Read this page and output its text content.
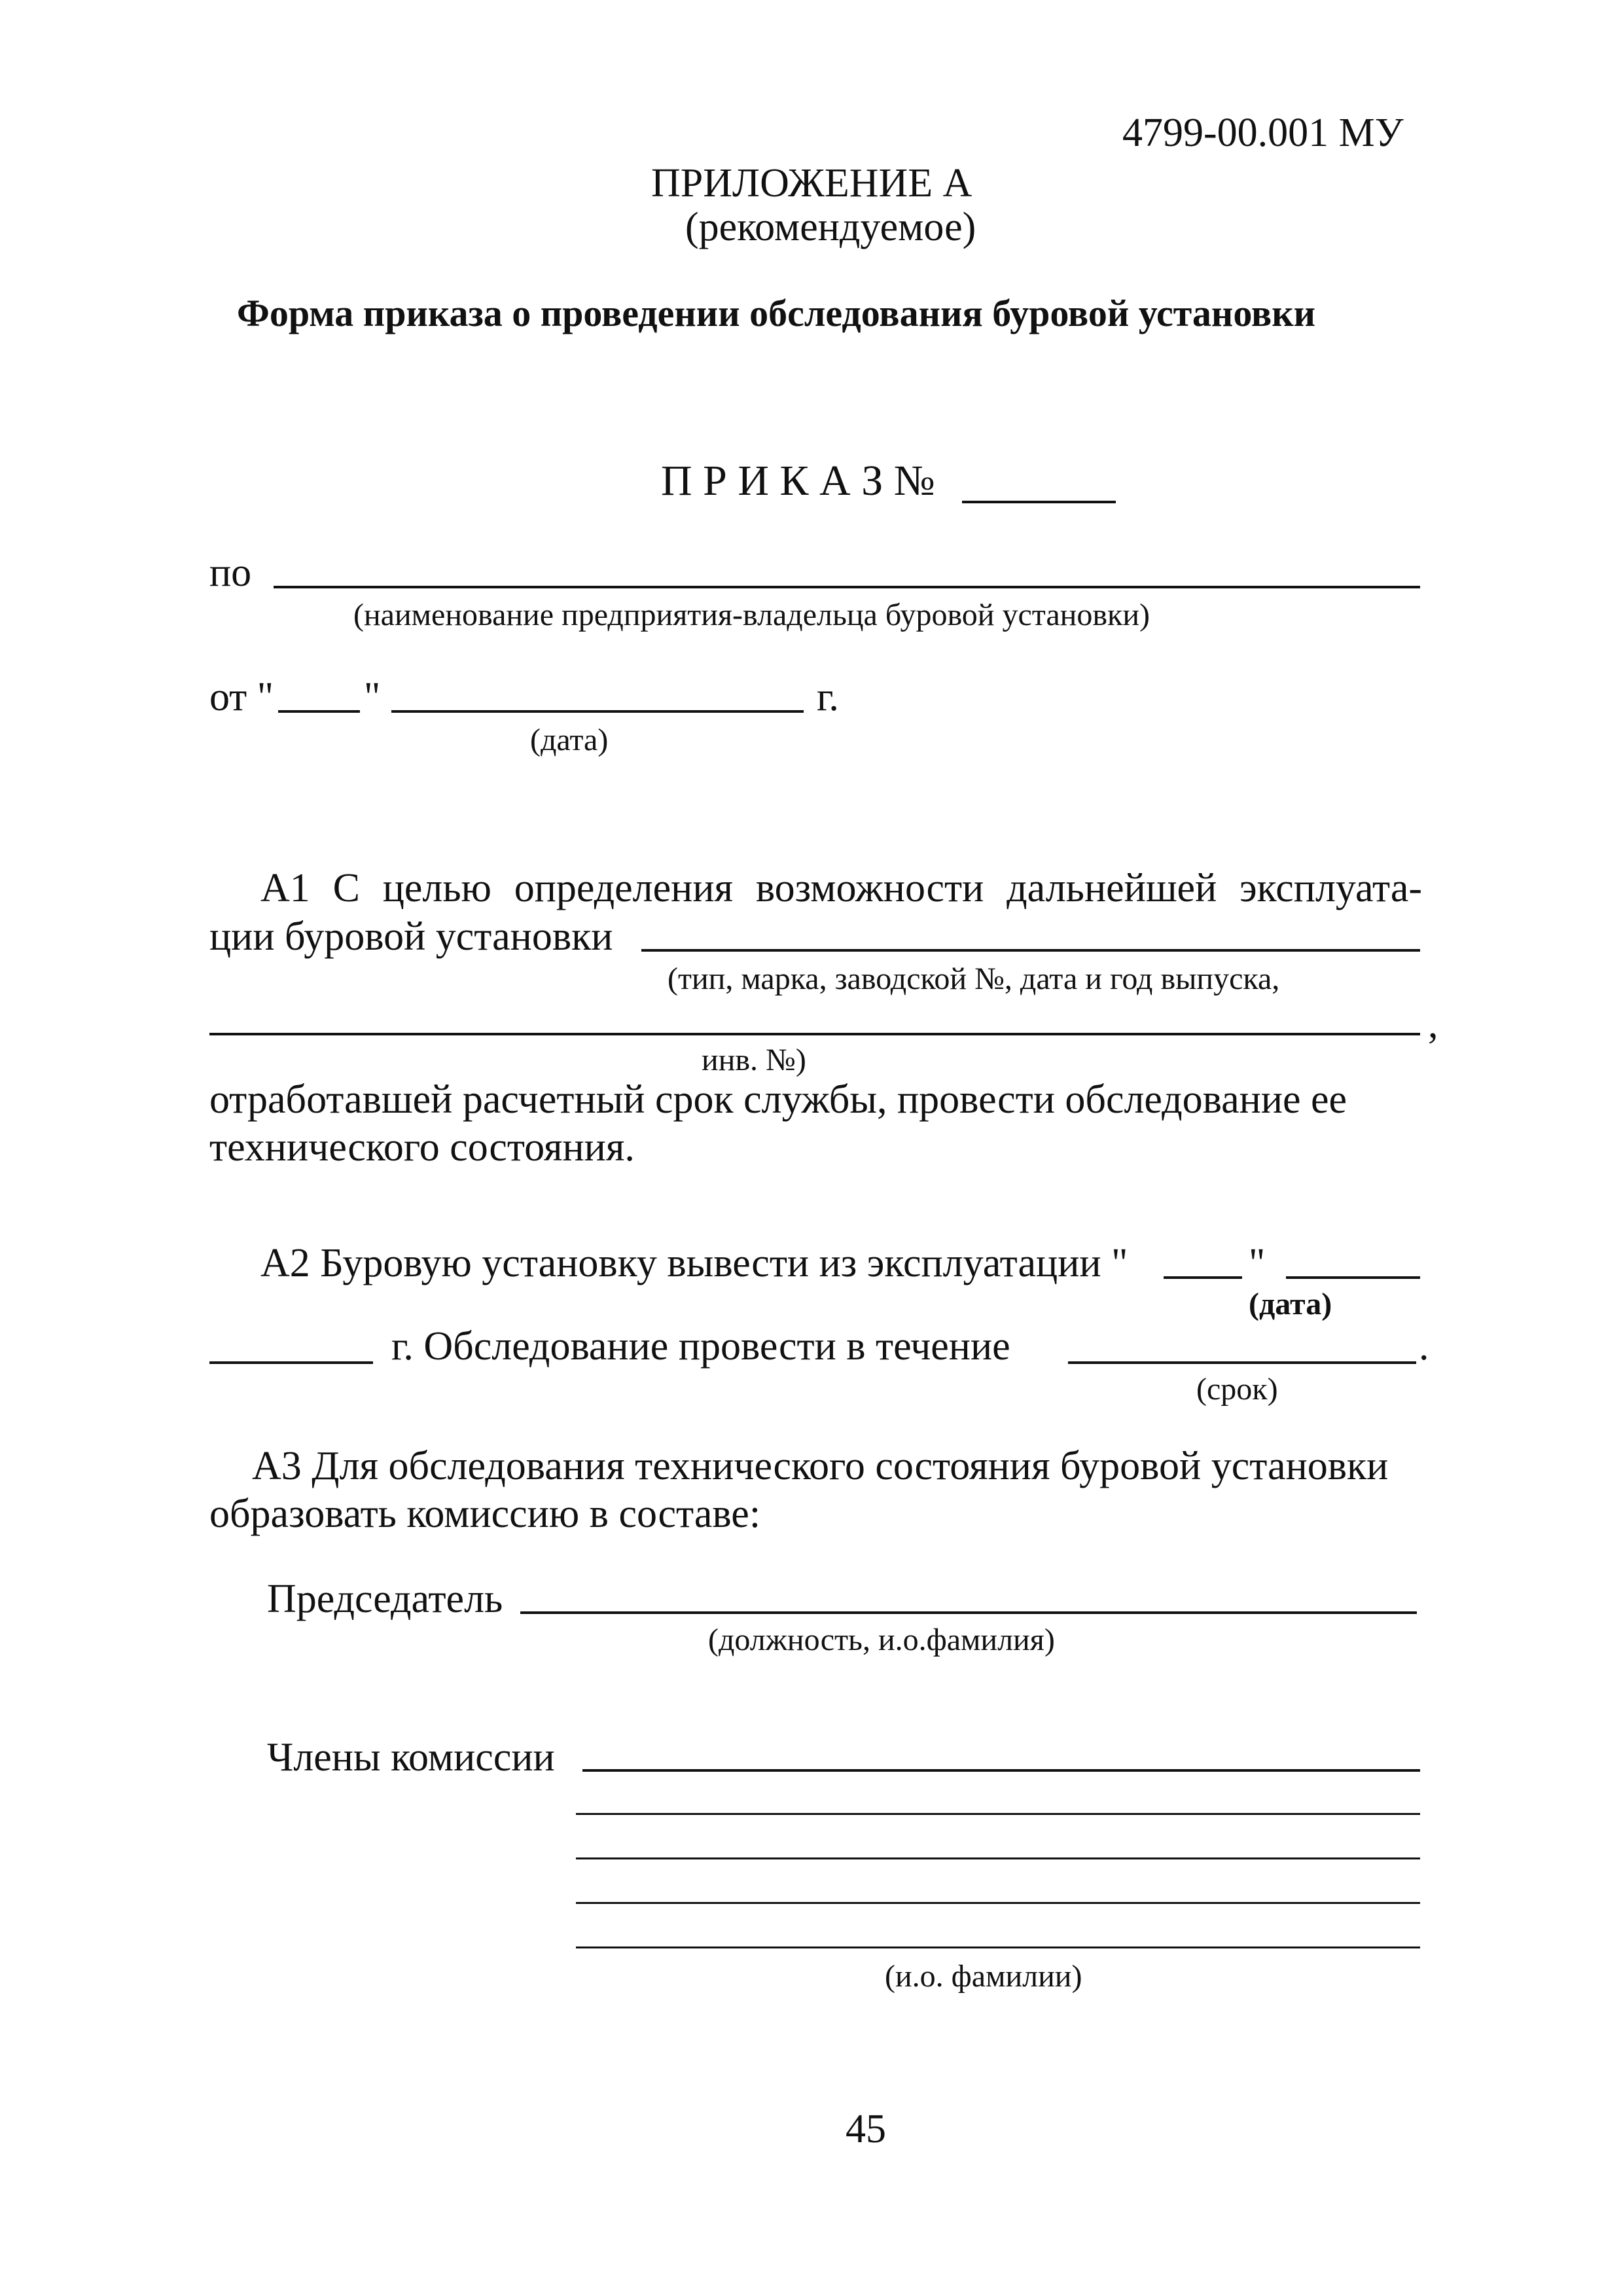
4799-00.001 МУ
ПРИЛОЖЕНИЕ А
(рекомендуемое)
Форма приказа о проведении обследования буровой установки
П Р И К А З №
по
(наименование предприятия-владельца буровой установки)
от " "	г.
(дата)
А1 С целью определения возможности дальнейшей эксплуата-
ции буровой установки
(тип, марка, заводской №, дата и год выпуска,
,
инв. №)
отработавшей расчетный срок службы, провести обследование ее
технического состояния.
А2 Буровую установку вывести из эксплуатации "	"
(дата)
г. Обследование провести в течение	.
(срок)
А3 Для обследования технического состояния буровой установки
образовать комиссию в составе:
Председатель
(должность, и.о.фамилия)
Члены комиссии
(и.о. фамилии)
45
